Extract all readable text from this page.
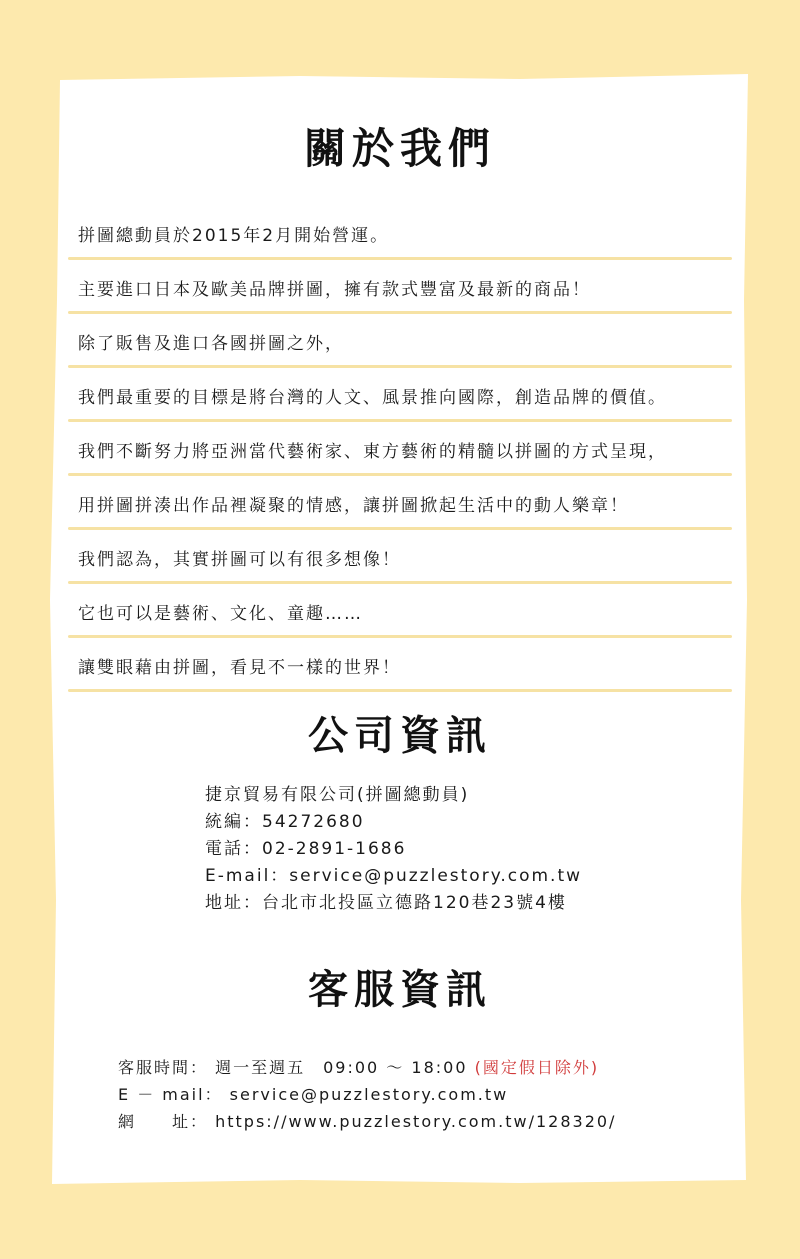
關於我們
拼圖總動員於2015年2月開始營運。
主要進口日本及歐美品牌拼圖，擁有款式豐富及最新的商品！
除了販售及進口各國拼圖之外，
我們最重要的目標是將台灣的人文、風景推向國際，創造品牌的價值。
我們不斷努力將亞洲當代藝術家、東方藝術的精髓以拼圖的方式呈現，
用拼圖拼湊出作品裡凝聚的情感，讓拼圖掀起生活中的動人樂章！
我們認為，其實拼圖可以有很多想像！
它也可以是藝術、文化、童趣……
讓雙眼藉由拼圖，看見不一樣的世界！
公司資訊
捷京貿易有限公司(拼圖總動員)
統編：54272680
電話：02-2891-1686
E-mail：service@puzzlestory.com.tw
地址：台北市北投區立德路120巷23號4樓
客服資訊
客服時間： 週一至週五　09:00 ～ 18:00 (國定假日除外)
E － mail： service@puzzlestory.com.tw
網　　址： https://www.puzzlestory.com.tw/128320/
